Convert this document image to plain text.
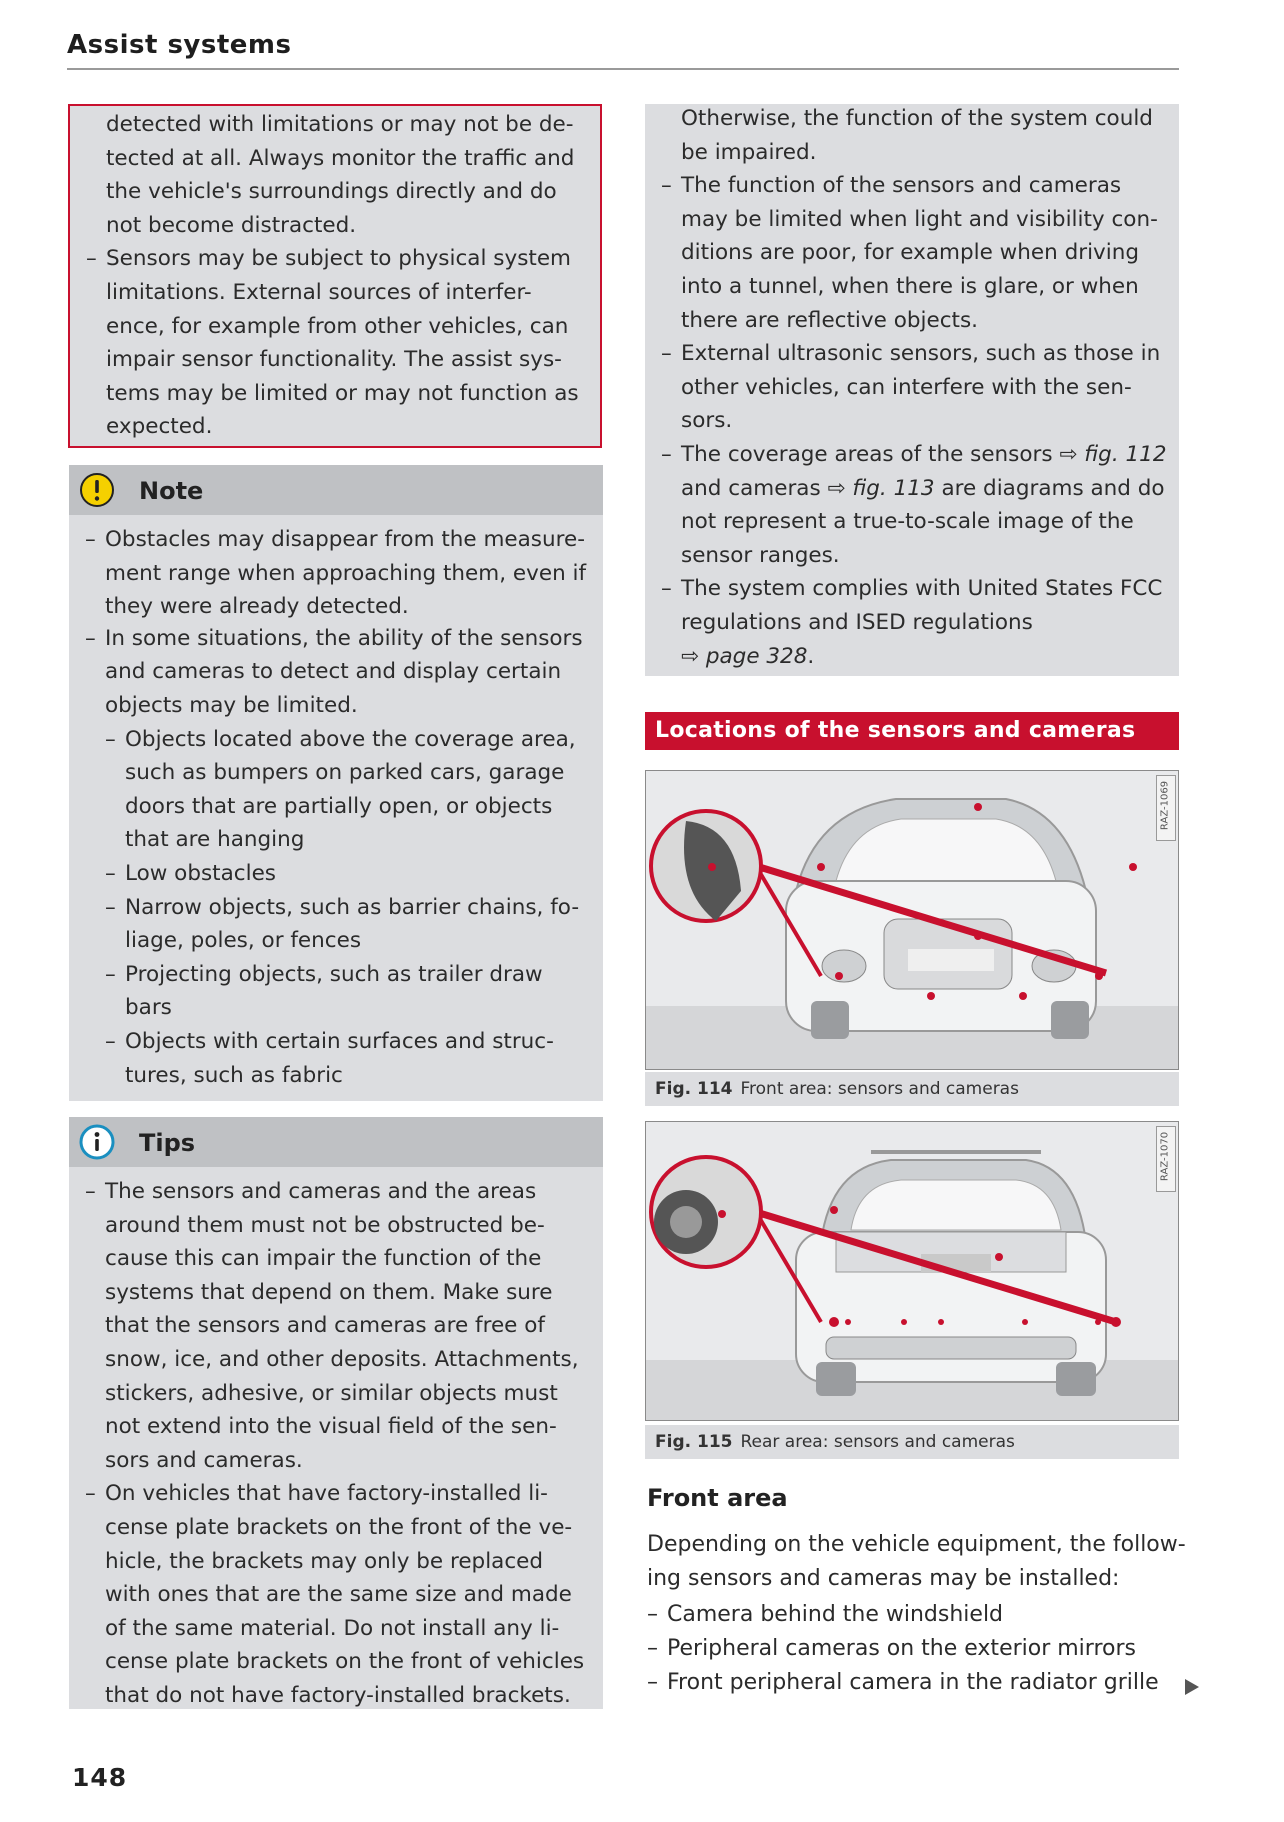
Assist systems
detected with limitations or may not be de-
tected at all. Always monitor the traffic and
the vehicle's surroundings directly and do
not become distracted.
– Sensors may be subject to physical system
limitations. External sources of interfer-
ence, for example from other vehicles, can
impair sensor functionality. The assist sys-
tems may be limited or may not function as
expected.
Note
– Obstacles may disappear from the measure-
ment range when approaching them, even if
they were already detected.
– In some situations, the ability of the sensors
and cameras to detect and display certain
objects may be limited.
– Objects located above the coverage area,
such as bumpers on parked cars, garage
doors that are partially open, or objects
that are hanging
– Low obstacles
– Narrow objects, such as barrier chains, fo-
liage, poles, or fences
– Projecting objects, such as trailer draw
bars
– Objects with certain surfaces and struc-
tures, such as fabric
Tips
– The sensors and cameras and the areas
around them must not be obstructed be-
cause this can impair the function of the
systems that depend on them. Make sure
that the sensors and cameras are free of
snow, ice, and other deposits. Attachments,
stickers, adhesive, or similar objects must
not extend into the visual field of the sen-
sors and cameras.
– On vehicles that have factory-installed li-
cense plate brackets on the front of the ve-
hicle, the brackets may only be replaced
with ones that are the same size and made
of the same material. Do not install any li-
cense plate brackets on the front of vehicles
that do not have factory-installed brackets.
Otherwise, the function of the system could
be impaired.
– The function of the sensors and cameras
may be limited when light and visibility con-
ditions are poor, for example when driving
into a tunnel, when there is glare, or when
there are reflective objects.
– External ultrasonic sensors, such as those in
other vehicles, can interfere with the sen-
sors.
– The coverage areas of the sensors ⇨ fig. 112
and cameras ⇨ fig. 113 are diagrams and do
not represent a true-to-scale image of the
sensor ranges.
– The system complies with United States FCC
regulations and ISED regulations
⇨ page 328.
Locations of the sensors and cameras
RAZ-1069
Fig. 114 Front area: sensors and cameras
RAZ-1070
Fig. 115 Rear area: sensors and cameras
Front area
Depending on the vehicle equipment, the follow-
ing sensors and cameras may be installed:
– Camera behind the windshield
– Peripheral cameras on the exterior mirrors
– Front peripheral camera in the radiator grille
148
